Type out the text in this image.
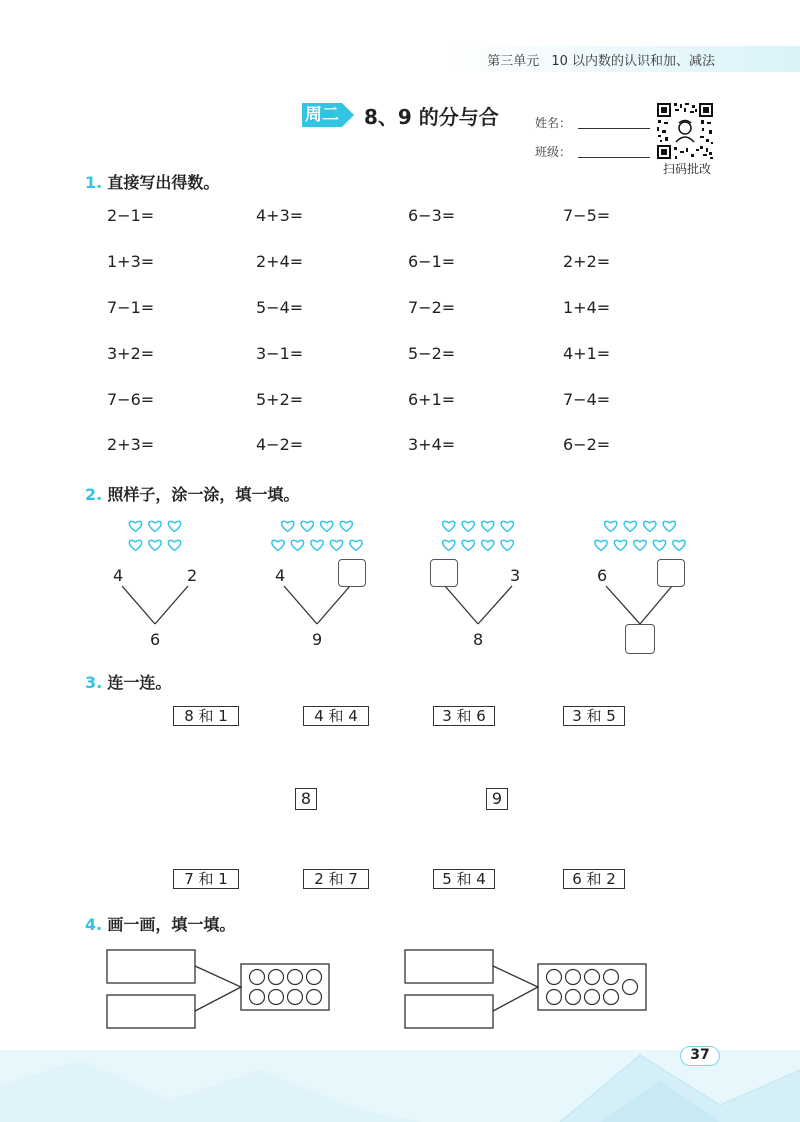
第三单元 10 以内数的认识和加、减法
周二 8、9 的分与合	姓名：
班级：
扫码批改
1. 直接写出得数。
2−1=	4+3=	6−3=	7−5=
1+3=	2+4=	6−1=	2+2=
7−1=	5−4=	7−2=	1+4=
3+2=	3−1=	5−2=	4+1=
7−6=	5+2=	6+1=	7−4=
2+3=	4−2=	3+4=	6−2=
2. 照样子，涂一涂，填一填。
4	2
6
4
9
3
8
6
3. 连一连。
8 和 1	4 和 4	3 和 6	3 和 5
8	9
7 和 1	2 和 7	5 和 4	6 和 2
4. 画一画，填一填。
37
